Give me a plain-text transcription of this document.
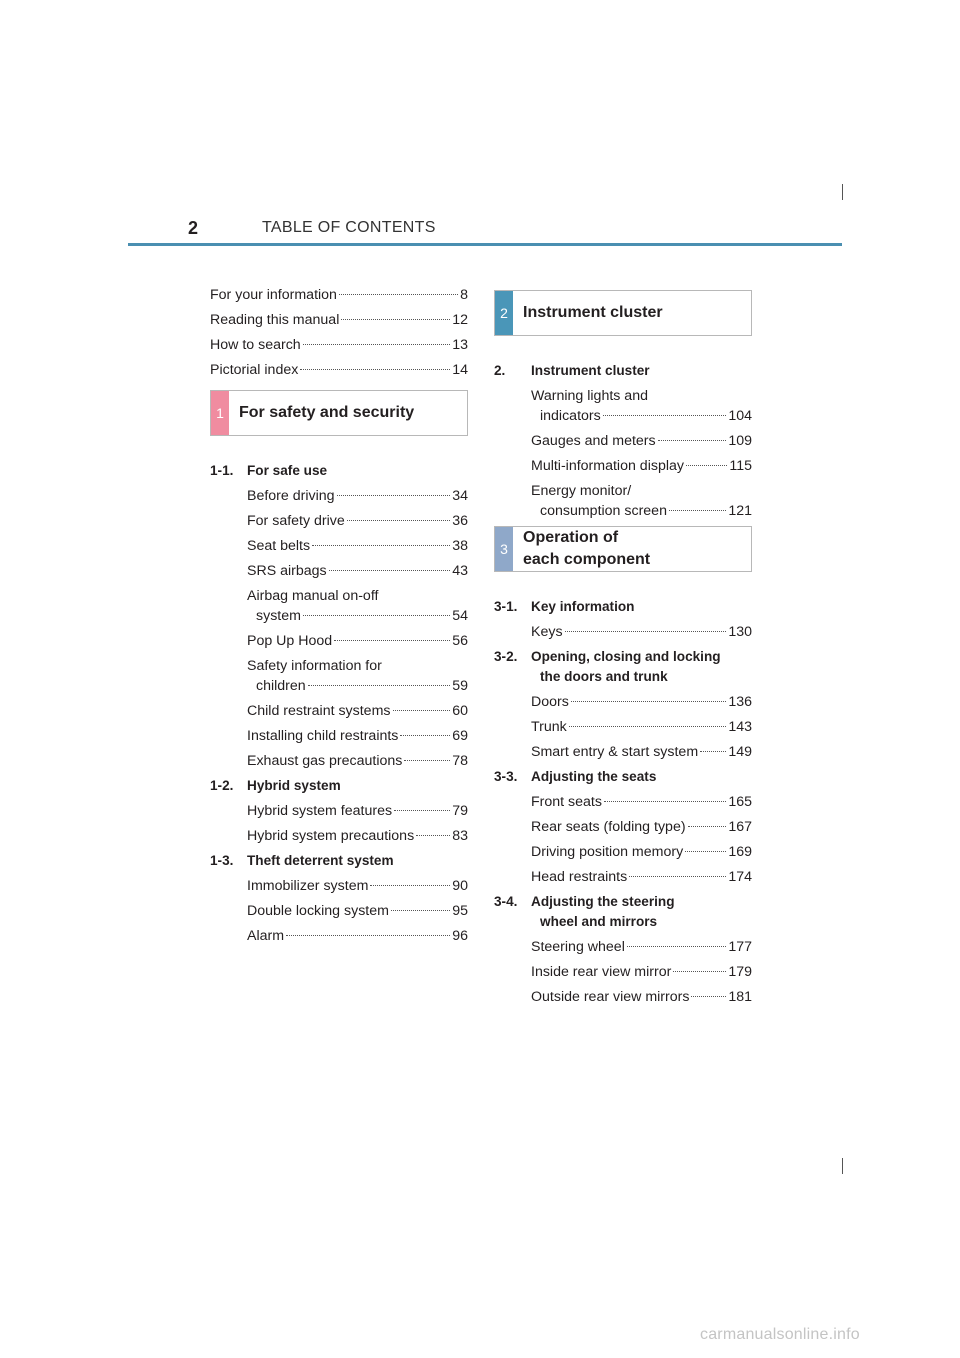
2	TABLE OF CONTENTS
For your information	8
Reading this manual	12
How to search	13
Pictorial index	14
1 For safety and security
1-1. For safe use
Before driving	34
For safety drive	36
Seat belts	38
SRS airbags	43
Airbag manual on-off
system	54
Pop Up Hood	56
Safety information for
children	59
Child restraint systems	60
Installing child restraints	69
Exhaust gas precautions	78
1-2. Hybrid system
Hybrid system features	79
Hybrid system precautions	83
1-3. Theft deterrent system
Immobilizer system	90
Double locking system	95
Alarm	96
2 Instrument cluster
2.	Instrument cluster
Warning lights and
indicators	104
Gauges and meters	109
Multi-information display	115
Energy monitor/
consumption screen	121
3
Operation of
each component
3-1. Key information
Keys	130
3-2. Opening, closing and locking
the doors and trunk
Doors	136
Trunk	143
Smart entry & start system 149
3-3. Adjusting the seats
Front seats	165
Rear seats (folding type)	167
Driving position memory	169
Head restraints	174
3-4. Adjusting the steering
wheel and mirrors
Steering wheel	177
Inside rear view mirror	179
Outside rear view mirrors	181
carmanualsonline.info
